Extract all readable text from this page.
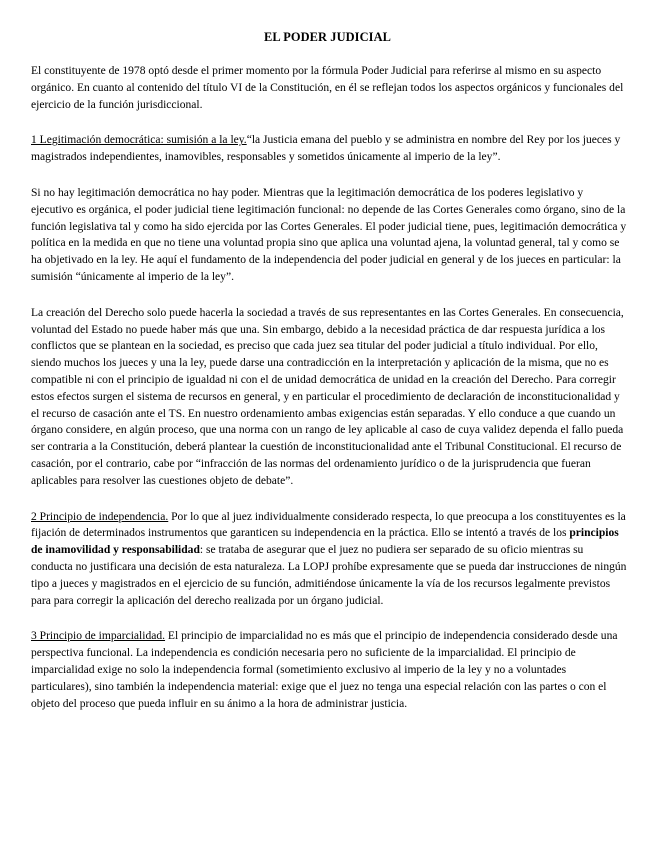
EL PODER JUDICIAL

El constituyente de 1978 optó desde el primer momento por la fórmula Poder Judicial para referirse al mismo en su aspecto orgánico. En cuanto al contenido del título VI de la Constitución, en él se reflejan todos los aspectos orgánicos y funcionales del ejercicio de la función jurisdiccional.

1 Legitimación democrática: sumisión a la ley.“la Justicia emana del pueblo y se administra en nombre del Rey por los jueces y magistrados independientes, inamovibles, responsables y sometidos únicamente al imperio de la ley”.

Si no hay legitimación democrática no hay poder. Mientras que la legitimación democrática de los poderes legislativo y ejecutivo es orgánica, el poder judicial tiene legitimación funcional: no depende de las Cortes Generales como órgano, sino de la función legislativa tal y como ha sido ejercida por las Cortes Generales. El poder judicial tiene, pues, legitimación democrática y política en la medida en que no tiene una voluntad propia sino que aplica una voluntad ajena, la voluntad general, tal y como se ha objetivado en la ley. He aquí el fundamento de la independencia del poder judicial en general y de los jueces en particular: la sumisión “únicamente al imperio de la ley”.

La creación del Derecho solo puede hacerla la sociedad a través de sus representantes en las Cortes Generales. En consecuencia, voluntad del Estado no puede haber más que una. Sin embargo, debido a la necesidad práctica de dar respuesta jurídica a los conflictos que se plantean en la sociedad, es preciso que cada juez sea titular del poder judicial a título individual. Por ello, siendo muchos los jueces y una la ley, puede darse una contradicción en la interpretación y aplicación de la misma, que no es compatible ni con el principio de igualdad ni con el de unidad democrática de unidad en la creación del Derecho. Para corregir estos efectos surgen el sistema de recursos en general, y en particular el procedimiento de declaración de inconstitucionalidad y el recurso de casación ante el TS. En nuestro ordenamiento ambas exigencias están separadas. Y ello conduce a que cuando un órgano considere, en algún proceso, que una norma con un rango de ley aplicable al caso de cuya validez dependa el fallo pueda ser contraria a la Constitución, deberá plantear la cuestión de inconstitucionalidad ante el Tribunal Constitucional. El recurso de casación, por el contrario, cabe por “infracción de las normas del ordenamiento jurídico o de la jurisprudencia que fueran aplicables para resolver las cuestiones objeto de debate”.

2 Principio de independencia. Por lo que al juez individualmente considerado respecta, lo que preocupa a los constituyentes es la fijación de determinados instrumentos que garanticen su independencia en la práctica. Ello se intentó a través de los principios de inamovilidad y responsabilidad: se trataba de asegurar que el juez no pudiera ser separado de su oficio mientras su conducta no justificara una decisión de esta naturaleza. La LOPJ prohíbe expresamente que se pueda dar instrucciones de ningún tipo a jueces y magistrados en el ejercicio de su función, admitiéndose únicamente la vía de los recursos legalmente previstos para para corregir la aplicación del derecho realizada por un órgano judicial.

3 Principio de imparcialidad. El principio de imparcialidad no es más que el principio de independencia considerado desde una perspectiva funcional. La independencia es condición necesaria pero no suficiente de la imparcialidad. El principio de imparcialidad exige no solo la independencia formal (sometimiento exclusivo al imperio de la ley y no a voluntades particulares), sino también la independencia material: exige que el juez no tenga una especial relación con las partes o con el objeto del proceso que pueda influir en su ánimo a la hora de administrar justicia.
